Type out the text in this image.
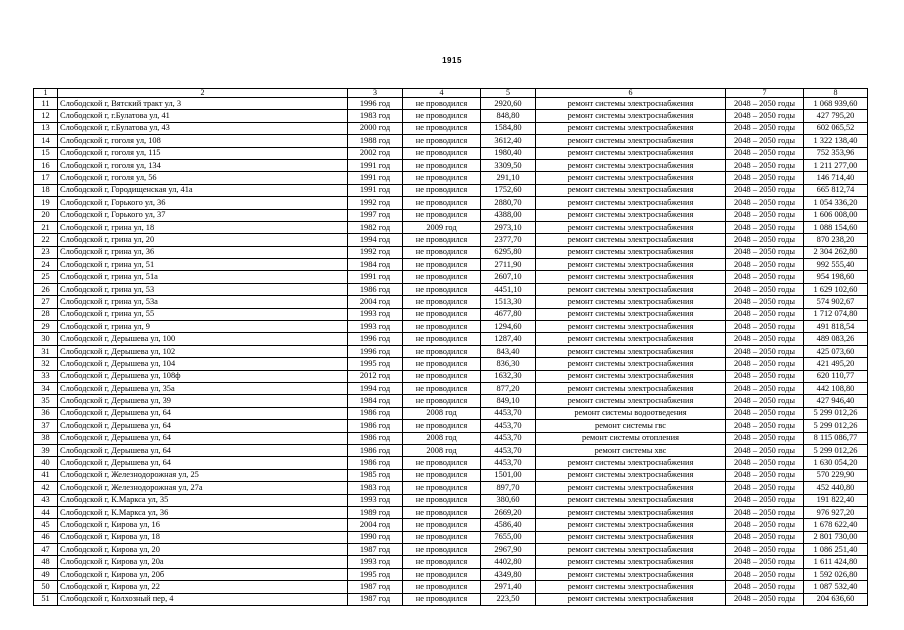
1915
1	2	3	4	5	6	7	8
11	Слободской г, Вятский тракт ул, 3	1996 год	не проводился	2920,60	ремонт системы электроснабжения	2048 – 2050 годы	1 068 939,60
12	Слободской г, г.Булатова ул, 41	1983 год	не проводился	848,80	ремонт системы электроснабжения	2048 – 2050 годы	427 795,20
13	Слободской г, г.Булатова ул, 43	2000 год	не проводился	1584,80	ремонт системы электроснабжения	2048 – 2050 годы	602 065,52
14	Слободской г, гоголя ул, 108	1988 год	не проводился	3612,40	ремонт системы электроснабжения	2048 – 2050 годы	1 322 138,40
15	Слободской г, гоголя ул, 115	2002 год	не проводился	1980,40	ремонт системы электроснабжения	2048 – 2050 годы	752 353,96
16	Слободской г, гоголя ул, 134	1991 год	не проводился	3309,50	ремонт системы электроснабжения	2048 – 2050 годы	1 211 277,00
17	Слободской г, гоголя ул, 56	1991 год	не проводился	291,10	ремонт системы электроснабжения	2048 – 2050 годы	146 714,40
18	Слободской г, Городищенская ул, 41а	1991 год	не проводился	1752,60	ремонт системы электроснабжения	2048 – 2050 годы	665 812,74
19	Слободской г, Горького ул, 36	1992 год	не проводился	2880,70	ремонт системы электроснабжения	2048 – 2050 годы	1 054 336,20
20	Слободской г, Горького ул, 37	1997 год	не проводился	4388,00	ремонт системы электроснабжения	2048 – 2050 годы	1 606 008,00
21	Слободской г, грина ул, 18	1982 год	2009 год	2973,10	ремонт системы электроснабжения	2048 – 2050 годы	1 088 154,60
22	Слободской г, грина ул, 20	1994 год	не проводился	2377,70	ремонт системы электроснабжения	2048 – 2050 годы	870 238,20
23	Слободской г, грина ул, 36	1992 год	не проводился	6295,80	ремонт системы электроснабжения	2048 – 2050 годы	2 304 262,80
24	Слободской г, грина ул, 51	1984 год	не проводился	2711,90	ремонт системы электроснабжения	2048 – 2050 годы	992 555,40
25	Слободской г, грина ул, 51а	1991 год	не проводился	2607,10	ремонт системы электроснабжения	2048 – 2050 годы	954 198,60
26	Слободской г, грина ул, 53	1986 год	не проводился	4451,10	ремонт системы электроснабжения	2048 – 2050 годы	1 629 102,60
27	Слободской г, грина ул, 53а	2004 год	не проводился	1513,30	ремонт системы электроснабжения	2048 – 2050 годы	574 902,67
28	Слободской г, грина ул, 55	1993 год	не проводился	4677,80	ремонт системы электроснабжения	2048 – 2050 годы	1 712 074,80
29	Слободской г, грина ул, 9	1993 год	не проводился	1294,60	ремонт системы электроснабжения	2048 – 2050 годы	491 818,54
30	Слободской г, Дерышева ул, 100	1996 год	не проводился	1287,40	ремонт системы электроснабжения	2048 – 2050 годы	489 083,26
31	Слободской г, Дерышева ул, 102	1996 год	не проводился	843,40	ремонт системы электроснабжения	2048 – 2050 годы	425 073,60
32	Слободской г, Дерышева ул, 104	1995 год	не проводился	836,30	ремонт системы электроснабжения	2048 – 2050 годы	421 495,20
33	Слободской г, Дерышева ул, 108ф	2012 год	не проводился	1632,30	ремонт системы электроснабжения	2048 – 2050 годы	620 110,77
34	Слободской г, Дерышева ул, 35а	1994 год	не проводился	877,20	ремонт системы электроснабжения	2048 – 2050 годы	442 108,80
35	Слободской г, Дерышева ул, 39	1984 год	не проводился	849,10	ремонт системы электроснабжения	2048 – 2050 годы	427 946,40
36	Слободской г, Дерышева ул, 64	1986 год	2008 год	4453,70	ремонт системы водоотведения	2048 – 2050 годы	5 299 012,26
37	Слободской г, Дерышева ул, 64	1986 год	не проводился	4453,70	ремонт системы гвс	2048 – 2050 годы	5 299 012,26
38	Слободской г, Дерышева ул, 64	1986 год	2008 год	4453,70	ремонт системы отопления	2048 – 2050 годы	8 115 086,77
39	Слободской г, Дерышева ул, 64	1986 год	2008 год	4453,70	ремонт системы хвс	2048 – 2050 годы	5 299 012,26
40	Слободской г, Дерышева ул, 64	1986 год	не проводился	4453,70	ремонт системы электроснабжения	2048 – 2050 годы	1 630 054,20
41	Слободской г, Железнодорожная ул, 25	1985 год	не проводился	1501,00	ремонт системы электроснабжения	2048 – 2050 годы	570 229,90
42	Слободской г, Железнодорожная ул, 27а	1983 год	не проводился	897,70	ремонт системы электроснабжения	2048 – 2050 годы	452 440,80
43	Слободской г, К.Маркса ул, 35	1993 год	не проводился	380,60	ремонт системы электроснабжения	2048 – 2050 годы	191 822,40
44	Слободской г, К.Маркса ул, 36	1989 год	не проводился	2669,20	ремонт системы электроснабжения	2048 – 2050 годы	976 927,20
45	Слободской г, Кирова ул, 16	2004 год	не проводился	4586,40	ремонт системы электроснабжения	2048 – 2050 годы	1 678 622,40
46	Слободской г, Кирова ул, 18	1990 год	не проводился	7655,00	ремонт системы электроснабжения	2048 – 2050 годы	2 801 730,00
47	Слободской г, Кирова ул, 20	1987 год	не проводился	2967,90	ремонт системы электроснабжения	2048 – 2050 годы	1 086 251,40
48	Слободской г, Кирова ул, 20а	1993 год	не проводился	4402,80	ремонт системы электроснабжения	2048 – 2050 годы	1 611 424,80
49	Слободской г, Кирова ул, 20б	1995 год	не проводился	4349,80	ремонт системы электроснабжения	2048 – 2050 годы	1 592 026,80
50	Слободской г, Кирова ул, 22	1987 год	не проводился	2971,40	ремонт системы электроснабжения	2048 – 2050 годы	1 087 532,40
51	Слободской г, Колхозный пер, 4	1987 год	не проводился	223,50	ремонт системы электроснабжения	2048 – 2050 годы	204 636,60
